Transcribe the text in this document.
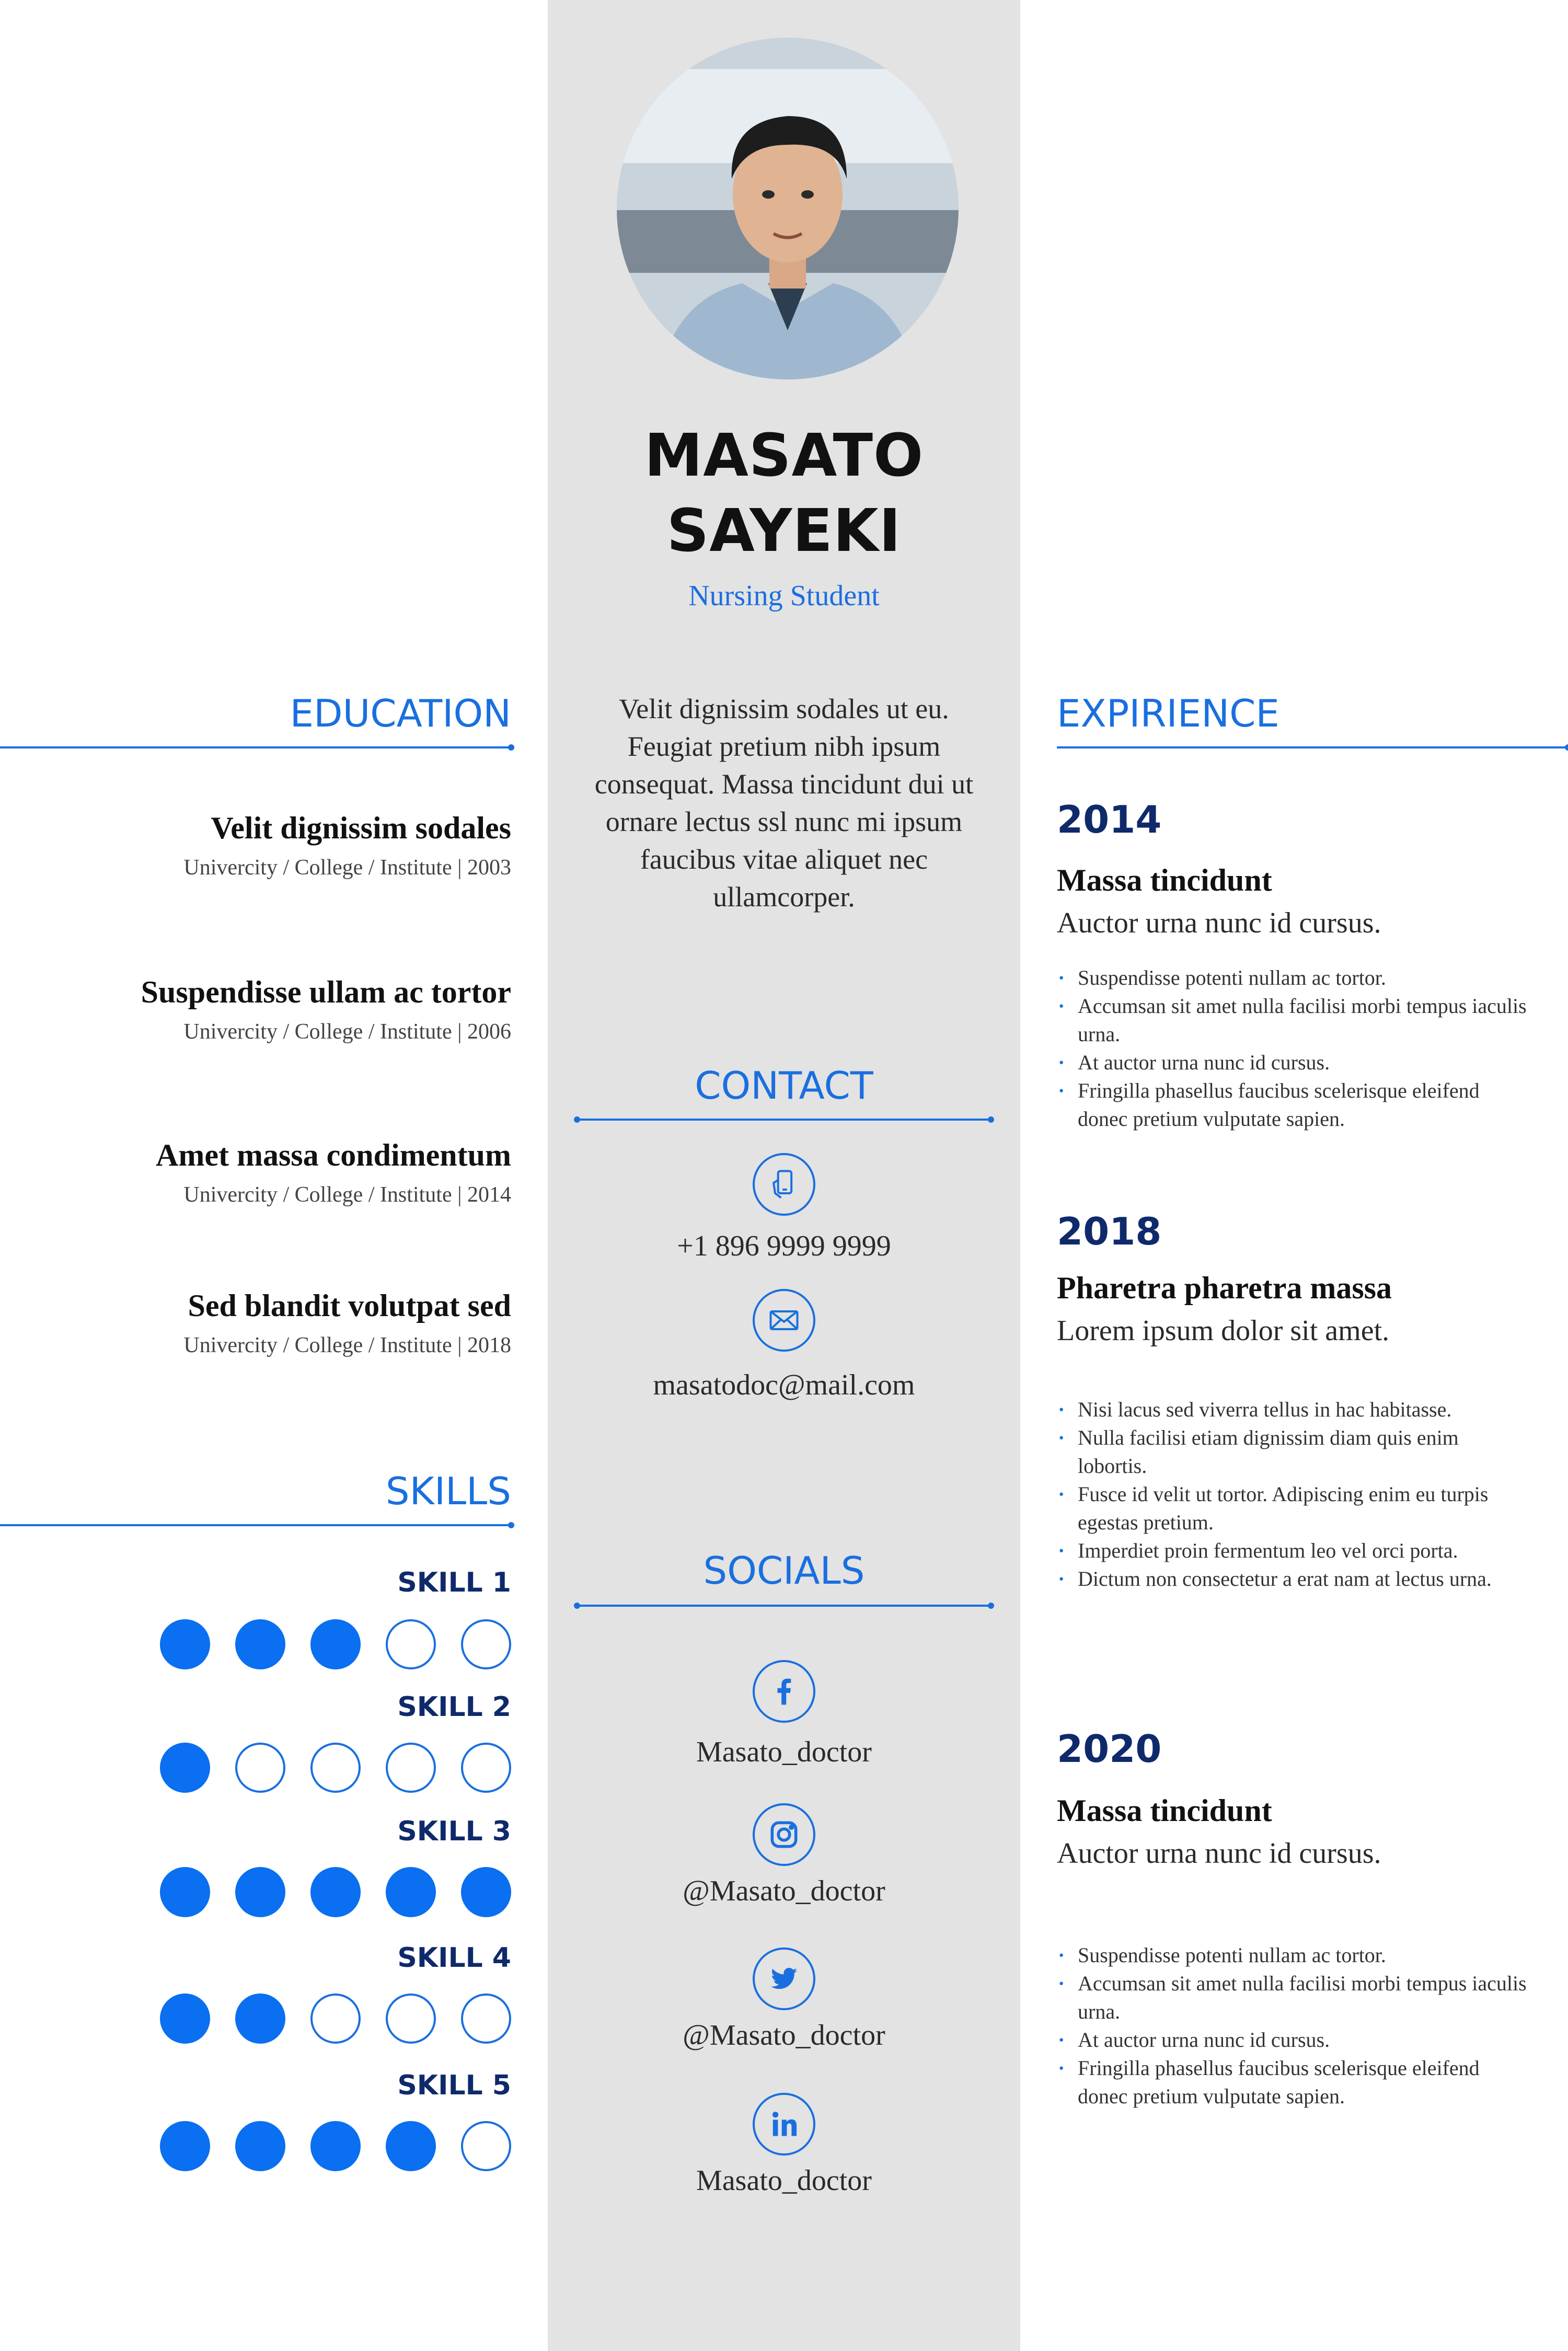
MASATO
SAYEKI
Nursing Student
Velit dignissim sodales ut eu. Feugiat pretium nibh ipsum consequat. Massa tincidunt dui ut ornare lectus ssl nunc mi ipsum faucibus vitae aliquet nec ullamcorper.
EDUCATION
Velit dignissim sodales
Univercity / College / Institute | 2003
Suspendisse ullam ac tortor
Univercity / College / Institute | 2006
Amet massa condimentum
Univercity / College / Institute | 2014
Sed blandit volutpat sed
Univercity / College / Institute | 2018
SKILLS
SKILL 1
SKILL 2
SKILL 3
SKILL 4
SKILL 5
CONTACT
+1 896 9999 9999
masatodoc@mail.com
SOCIALS
Masato_doctor
@Masato_doctor
@Masato_doctor
Masato_doctor
EXPIRIENCE
2014
Massa tincidunt
Auctor urna nunc id cursus.
· Suspendisse potenti nullam ac tortor.
· Accumsan sit amet nulla facilisi morbi tempus iaculis urna.
· At auctor urna nunc id cursus.
· Fringilla phasellus faucibus scelerisque eleifend donec pretium vulputate sapien.
2018
Pharetra pharetra massa
Lorem ipsum dolor sit amet.
· Nisi lacus sed viverra tellus in hac habitasse.
· Nulla facilisi etiam dignissim diam quis enim lobortis.
· Fusce id velit ut tortor. Adipiscing enim eu turpis egestas pretium.
· Imperdiet proin fermentum leo vel orci porta.
· Dictum non consectetur a erat nam at lectus urna.
2020
Massa tincidunt
Auctor urna nunc id cursus.
· Suspendisse potenti nullam ac tortor.
· Accumsan sit amet nulla facilisi morbi tempus iaculis urna.
· At auctor urna nunc id cursus.
· Fringilla phasellus faucibus scelerisque eleifend donec pretium vulputate sapien.
